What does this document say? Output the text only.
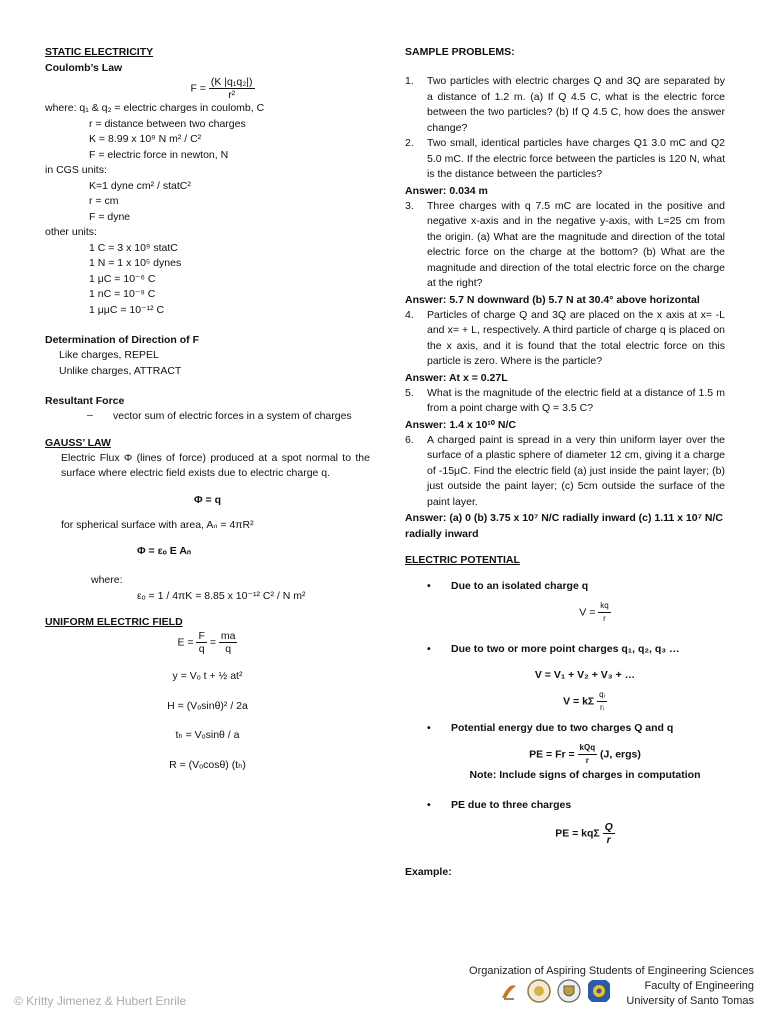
STATIC ELECTRICITY
Coulomb’s Law
$F = \frac{\text{(K |q₁q₂|)}}{\text{r²}}$
where: q₁ & q₂ = electric charges in coulomb, C
r = distance between two charges
K = 8.99 x 10⁹ N m² / C²
F = electric force in newton, N
in CGS units:
K=1 dyne cm² / statC²
r = cm
F = dyne
other units:
1 C = 3 x 10⁹ statC
1 N = 1 x 10⁵ dynes
1 μC = 10⁻⁶ C
1 nC = 10⁻⁹ C
1 μμC = 10⁻¹² C
Determination of Direction of F
Like charges, REPEL
Unlike charges, ATTRACT
Resultant Force
–	vector sum of electric forces in a system of charges
GAUSS’ LAW
Electric Flux Φ (lines of force) produced at a spot normal to the surface where electric field exists due to electric charge q.
Φ = q
for spherical surface with area, Aₙ = 4πR²
Φ = εₒ E Aₙ
where:
εₒ = 1 / 4πK = 8.85 x 10⁻¹² C² / N m²
UNIFORM ELECTRIC FIELD
$E = \frac{F}{q} = \frac{ma}{q}$
y = Vₒ t + ½ at²
H = (Vₒsinθ)² / 2a
tₕ = Vₒsinθ / a
R = (Vₒcosθ) (tₕ)
SAMPLE PROBLEMS:
1.	Two particles with electric charges Q and 3Q are separated by a distance of 1.2 m. (a) If Q 4.5 C, what is the electric force between the two particles? (b) If Q 4.5 C, how does the answer change?
2.	Two small, identical particles have charges Q1 3.0 mC and Q2 5.0 mC. If the electric force between the particles is 120 N, what is the distance between the particles?
Answer: 0.034 m
3.	Three charges with q 7.5 mC are located in the positive and negative x-axis and in the negative y-axis, with L=25 cm from the origin. (a) What are the magnitude and direction of the total electric force on the charge at the bottom? (b) What are the magnitude and direction of the total electric force on the charge at the right?
Answer: 5.7 N downward (b) 5.7 N at 30.4° above horizontal
4.	Particles of charge Q and 3Q are placed on the x axis at x= -L and x= + L, respectively. A third particle of charge q is placed on the x axis, and it is found that the total electric force on this particle is zero. Where is the particle?
Answer: At x = 0.27L
5.	What is the magnitude of the electric field at a distance of 1.5 m from a point charge with Q = 3.5 C?
Answer: 1.4 x 10¹⁰ N/C
6.	A charged paint is spread in a very thin uniform layer over the surface of a plastic sphere of diameter 12 cm, giving it a charge of -15μC. Find the electric field (a) just inside the paint layer; (b) just outside the paint layer; (c) 5cm outside the surface of the paint layer.
Answer: (a) 0 (b) 3.75 x 10⁷ N/C radially inward (c) 1.11 x 10⁷ N/C radially inward
ELECTRIC POTENTIAL
•	Due to an isolated charge q
$V = \frac{kq}{r}$
•	Due to two or more point charges q₁, q₂, q₃ …
V = V₁ + V₂ + V₃ + …
V = kΣ $\frac{\text{qᵢ}}{\text{rᵢ}}$
•	Potential energy due to two charges Q and q
PE = $Fr = \frac{\text{kQq}}{r} (J$, ergs)
Note: Include signs of charges in computation
•	PE due to three charges
PE = kqΣ $\frac{Q}{r}$
Example:
© Kritty Jimenez & Hubert Enrile
Organization of Aspiring Students of Engineering Sciences
Faculty of Engineering
University of Santo Tomas
